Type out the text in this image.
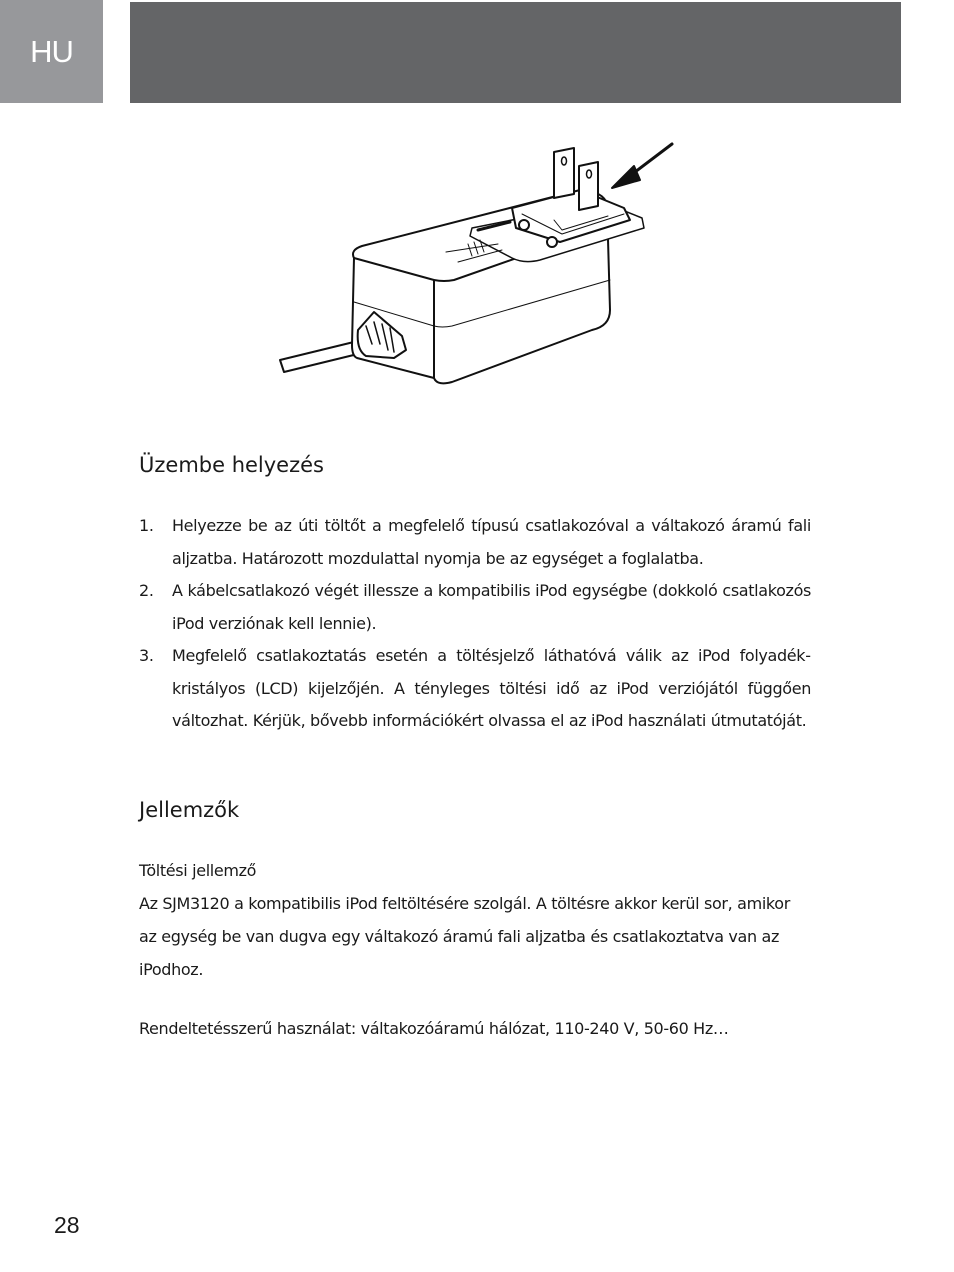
HU
Üzembe helyezés
1. Helyezze be az úti töltőt a megfelelő típusú csatlakozóval a váltakozó áramú fali aljzatba. Határozott mozdulattal nyomja be az egységet a foglalatba.
2. A kábelcsatlakozó végét illessze a kompatibilis iPod egységbe (dokkoló csatlakozós iPod verziónak kell lennie).
3. Megfelelő csatlakoztatás esetén a töltésjelző láthatóvá válik az iPod folyadékkristályos (LCD) kijelzőjén. A tényleges töltési idő az iPod verziójától függően változhat. Kérjük, bővebb információkért olvassa el az iPod használati útmutatóját.
Jellemzők

Töltési jellemző

Az SJM3120 a kompatibilis iPod feltöltésére szolgál. A töltésre akkor kerül sor, amikor az egység be van dugva egy váltakozó áramú fali aljzatba és csatlakoztatva van az iPodhoz.

Rendeltetésszerű használat: váltakozóáramú hálózat, 110-240 V, 50-60 Hz…
28
